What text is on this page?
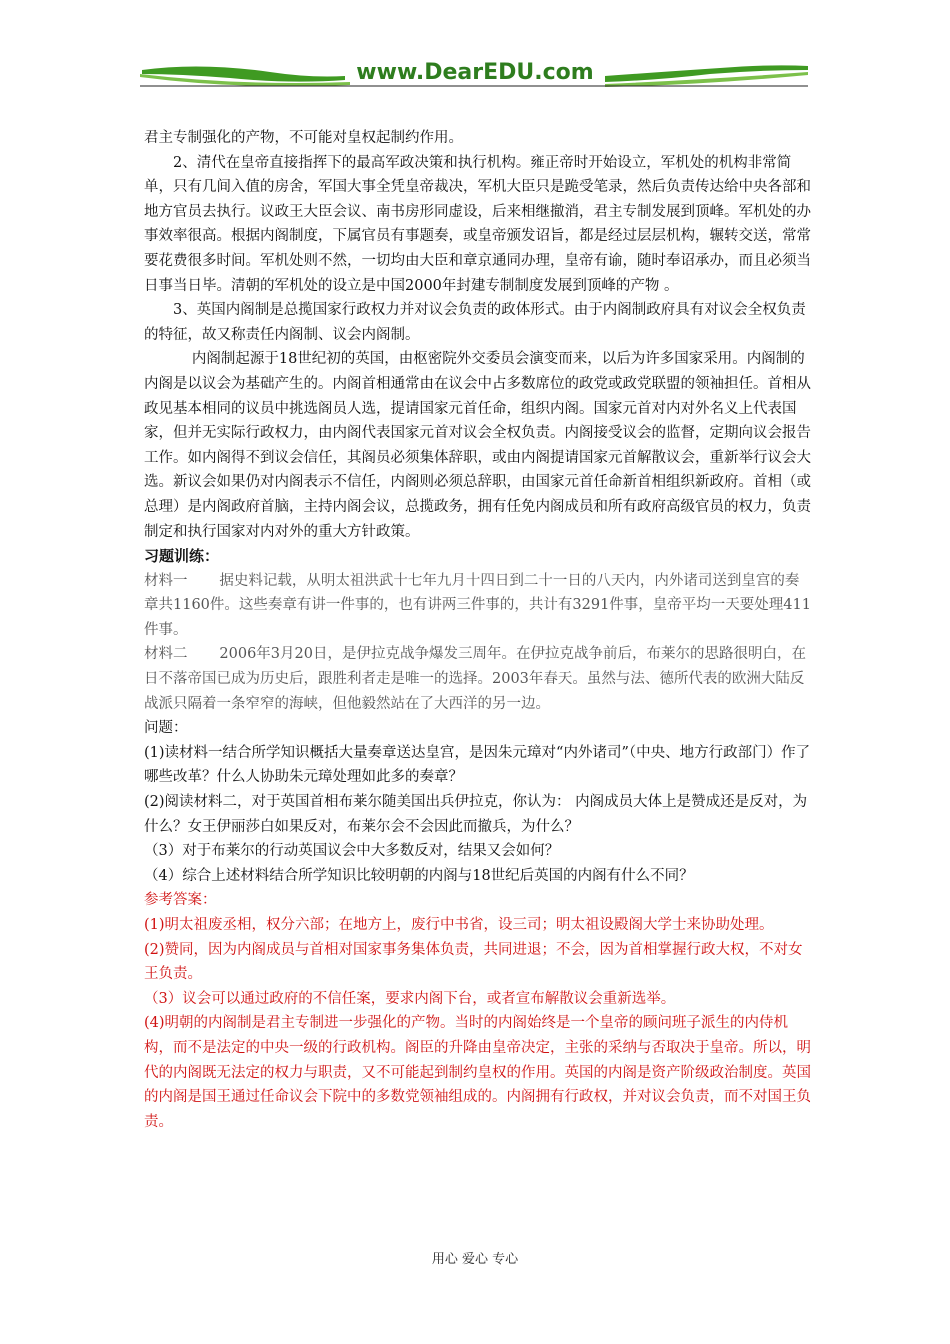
www.DearEDU.com

君主专制强化的产物，不可能对皇权起制约作用。

2、清代在皇帝直接指挥下的最高军政决策和执行机构。雍正帝时开始设立，军机处的机构非常简单，只有几间入值的房舍，军国大事全凭皇帝裁决，军机大臣只是跪受笔录，然后负责传达给中央各部和地方官员去执行。议政王大臣会议、南书房形同虚设，后来相继撤消，君主专制发展到顶峰。军机处的办事效率很高。根据内阁制度，下属官员有事题奏，或皇帝颁发诏旨，都是经过层层机构，辗转交送，常常要花费很多时间。军机处则不然，一切均由大臣和章京通同办理，皇帝有谕，随时奉诏承办，而且必须当日事当日毕。清朝的军机处的设立是中国2000年封建专制制度发展到顶峰的产物 。

3、英国内阁制是总揽国家行政权力并对议会负责的政体形式。由于内阁制政府具有对议会全权负责的特征，故又称责任内阁制、议会内阁制。

内阁制起源于18世纪初的英国，由枢密院外交委员会演变而来，以后为许多国家采用。内阁制的内阁是以议会为基础产生的。内阁首相通常由在议会中占多数席位的政党或政党联盟的领袖担任。首相从政见基本相同的议员中挑选阁员人选，提请国家元首任命，组织内阁。国家元首对内对外名义上代表国家，但并无实际行政权力，由内阁代表国家元首对议会全权负责。内阁接受议会的监督，定期向议会报告工作。如内阁得不到议会信任，其阁员必须集体辞职，或由内阁提请国家元首解散议会，重新举行议会大选。新议会如果仍对内阁表示不信任，内阁则必须总辞职，由国家元首任命新首相组织新政府。首相（或总理）是内阁政府首脑，主持内阁会议，总揽政务，拥有任免内阁成员和所有政府高级官员的权力，负责制定和执行国家对内对外的重大方针政策。

习题训练：

材料一 据史料记载，从明太祖洪武十七年九月十四日到二十一日的八天内，内外诸司送到皇宫的奏章共1160件。这些奏章有讲一件事的，也有讲两三件事的，共计有3291件事，皇帝平均一天要处理411件事。

材料二 2006年3月20日，是伊拉克战争爆发三周年。在伊拉克战争前后，布莱尔的思路很明白，在日不落帝国已成为历史后，跟胜利者走是唯一的选择。2003年春天。虽然与法、德所代表的欧洲大陆反战派只隔着一条窄窄的海峡，但他毅然站在了大西洋的另一边。

问题：

(1)读材料一结合所学知识概括大量奏章送达皇宫，是因朱元璋对“内外诸司”（中央、地方行政部门）作了哪些改革？什么人协助朱元璋处理如此多的奏章？

(2)阅读材料二，对于英国首相布莱尔随美国出兵伊拉克，你认为： 内阁成员大体上是赞成还是反对，为什么？女王伊丽莎白如果反对，布莱尔会不会因此而撤兵，为什么？

（3）对于布莱尔的行动英国议会中大多数反对，结果又会如何？

（4）综合上述材料结合所学知识比较明朝的内阁与18世纪后英国的内阁有什么不同？

参考答案：

(1)明太祖废丞相，权分六部；在地方上，废行中书省，设三司；明太祖设殿阁大学士来协助处理。

(2)赞同，因为内阁成员与首相对国家事务集体负责，共同进退；不会，因为首相掌握行政大权，不对女王负责。

（3）议会可以通过政府的不信任案，要求内阁下台，或者宣布解散议会重新选举。

(4)明朝的内阁制是君主专制进一步强化的产物。当时的内阁始终是一个皇帝的顾问班子派生的内侍机构，而不是法定的中央一级的行政机构。阁臣的升降由皇帝决定，主张的采纳与否取决于皇帝。所以，明代的内阁既无法定的权力与职责，又不可能起到制约皇权的作用。英国的内阁是资产阶级政治制度。英国的内阁是国王通过任命议会下院中的多数党领袖组成的。内阁拥有行政权，并对议会负责，而不对国王负责。

用心 爱心 专心
